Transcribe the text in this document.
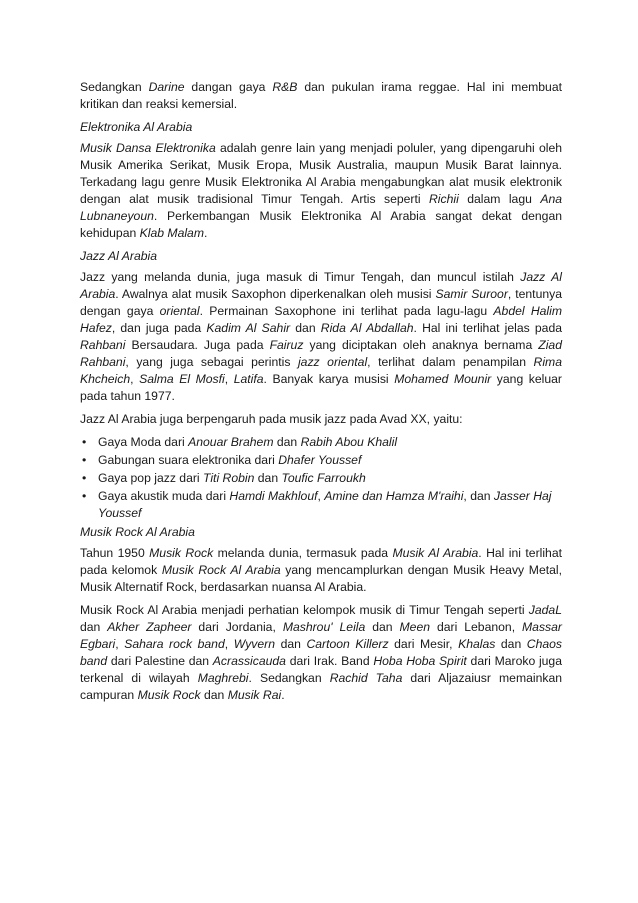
Sedangkan Darine dangan gaya R&B dan pukulan irama reggae. Hal ini membuat kritikan dan reaksi kemersial.

Elektronika Al Arabia

Musik Dansa Elektronika adalah genre lain yang menjadi poluler, yang dipengaruhi oleh Musik Amerika Serikat, Musik Eropa, Musik Australia, maupun Musik Barat lainnya. Terkadang lagu genre Musik Elektronika Al Arabia mengabungkan alat musik elektronik dengan alat musik tradisional Timur Tengah. Artis seperti Richii dalam lagu Ana Lubnaneyoun. Perkembangan Musik Elektronika Al Arabia sangat dekat dengan kehidupan Klab Malam.

Jazz Al Arabia

Jazz yang melanda dunia, juga masuk di Timur Tengah, dan muncul istilah Jazz Al Arabia. Awalnya alat musik Saxophon diperkenalkan oleh musisi Samir Suroor, tentunya dengan gaya oriental. Permainan Saxophone ini terlihat pada lagu-lagu Abdel Halim Hafez, dan juga pada Kadim Al Sahir dan Rida Al Abdallah. Hal ini terlihat jelas pada Rahbani Bersaudara. Juga pada Fairuz yang diciptakan oleh anaknya bernama Ziad Rahbani, yang juga sebagai perintis jazz oriental, terlihat dalam penampilan Rima Khcheich, Salma El Mosfi, Latifa. Banyak karya musisi Mohamed Mounir yang keluar pada tahun 1977.

Jazz Al Arabia juga berpengaruh pada musik jazz pada Avad XX, yaitu:

• Gaya Moda dari Anouar Brahem dan Rabih Abou Khalil
• Gabungan suara elektronika dari Dhafer Youssef
• Gaya pop jazz dari Titi Robin dan Toufic Farroukh
• Gaya akustik muda dari Hamdi Makhlouf, Amine dan Hamza M'raihi, dan Jasser Haj Youssef

Musik Rock Al Arabia

Tahun 1950 Musik Rock melanda dunia, termasuk pada Musik Al Arabia. Hal ini terlihat pada kelomok Musik Rock Al Arabia yang mencamplurkan dengan Musik Heavy Metal, Musik Alternatif Rock, berdasarkan nuansa Al Arabia.

Musik Rock Al Arabia menjadi perhatian kelompok musik di Timur Tengah seperti JadaL dan Akher Zapheer dari Jordania, Mashrou' Leila dan Meen dari Lebanon, Massar Egbari, Sahara rock band, Wyvern dan Cartoon Killerz dari Mesir, Khalas dan Chaos band dari Palestine dan Acrassicauda dari Irak. Band Hoba Hoba Spirit dari Maroko juga terkenal di wilayah Maghrebi. Sedangkan Rachid Taha dari Aljazaiusr memainkan campuran Musik Rock dan Musik Rai.
